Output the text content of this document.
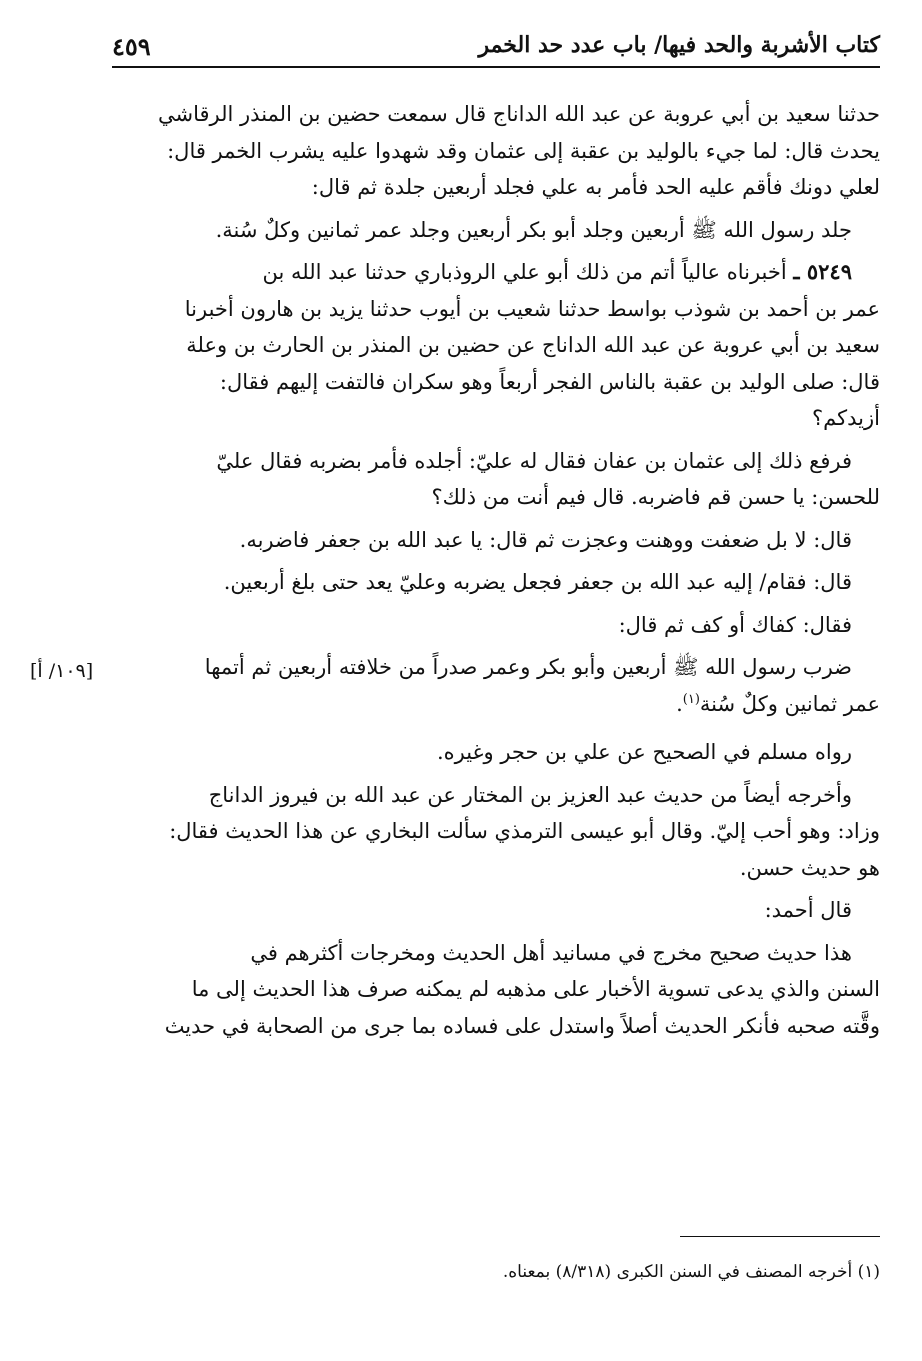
كتاب الأشربة والحد فيها/ باب عدد حد الخمر
٤٥٩
حدثنا سعيد بن أبي عروبة عن عبد الله الداناج قال سمعت حضين بن المنذر الرقاشي
يحدث قال: لما جيء بالوليد بن عقبة إلى عثمان وقد شهدوا عليه يشرب الخمر قال:
لعلي دونك فأقم عليه الحد فأمر به علي فجلد أربعين جلدة ثم قال:
جلد رسول الله ﷺ أربعين وجلد أبو بكر أربعين وجلد عمر ثمانين وكلٌ سُنة.
٥٢٤٩ ـ أخبرناه عالياً أتم من ذلك أبو علي الروذباري حدثنا عبد الله بن
عمر بن أحمد بن شوذب بواسط حدثنا شعيب بن أيوب حدثنا يزيد بن هارون أخبرنا
سعيد بن أبي عروبة عن عبد الله الداناج عن حضين بن المنذر بن الحارث بن وعلة
قال: صلى الوليد بن عقبة بالناس الفجر أربعاً وهو سكران فالتفت إليهم فقال:
أزيدكم؟
فرفع ذلك إلى عثمان بن عفان فقال له عليّ: أجلده فأمر بضربه فقال عليّ
للحسن: يا حسن قم فاضربه. قال فيم أنت من ذلك؟
قال: لا بل ضعفت ووهنت وعجزت ثم قال: يا عبد الله بن جعفر فاضربه.
قال: فقام/ إليه عبد الله بن جعفر فجعل يضربه وعليّ يعد حتى بلغ أربعين.
فقال: كفاك أو كف ثم قال:
ضرب رسول الله ﷺ أربعين وأبو بكر وعمر صدراً من خلافته أربعين ثم أتمها
عمر ثمانين وكلٌ سُنة$^{(١)}$.
رواه مسلم في الصحيح عن علي بن حجر وغيره.
وأخرجه أيضاً من حديث عبد العزيز بن المختار عن عبد الله بن فيروز الداناج
وزاد: وهو أحب إليّ. وقال أبو عيسى الترمذي سألت البخاري عن هذا الحديث فقال:
هو حديث حسن.
قال أحمد:
هذا حديث صحيح مخرج في مسانيد أهل الحديث ومخرجات أكثرهم في
السنن والذي يدعى تسوية الأخبار على مذهبه لم يمكنه صرف هذا الحديث إلى ما
وقَّته صحبه فأنكر الحديث أصلاً واستدل على فساده بما جرى من الصحابة في حديث
[١٠٩/ أ]
(١) أخرجه المصنف في السنن الكبرى (٨/٣١٨) بمعناه.
